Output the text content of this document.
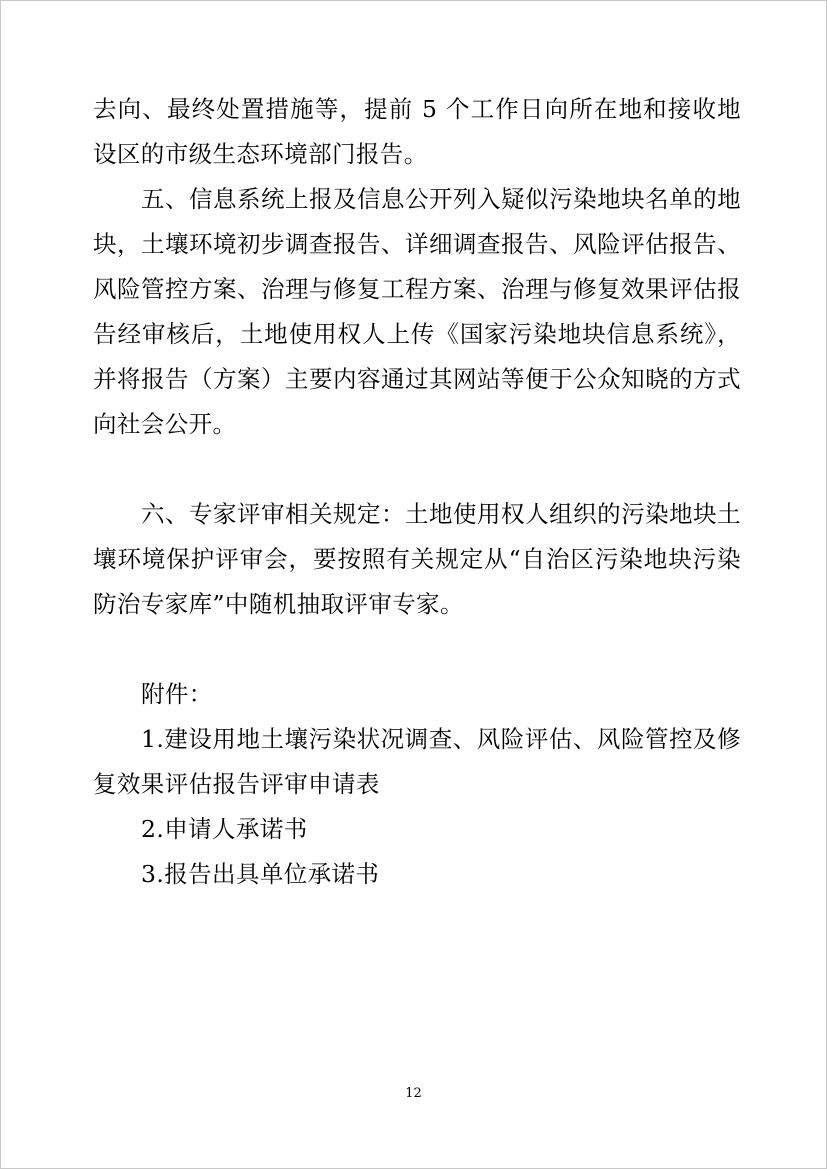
去向、最终处置措施等，提前 5 个工作日向所在地和接收地设区的市级生态环境部门报告。

五、信息系统上报及信息公开列入疑似污染地块名单的地块，土壤环境初步调查报告、详细调查报告、风险评估报告、风险管控方案、治理与修复工程方案、治理与修复效果评估报告经审核后，土地使用权人上传《国家污染地块信息系统》，并将报告（方案）主要内容通过其网站等便于公众知晓的方式向社会公开。

六、专家评审相关规定：土地使用权人组织的污染地块土壤环境保护评审会，要按照有关规定从“自治区污染地块污染防治专家库”中随机抽取评审专家。

附件：

1.建设用地土壤污染状况调查、风险评估、风险管控及修复效果评估报告评审申请表

2.申请人承诺书

3.报告出具单位承诺书

12
